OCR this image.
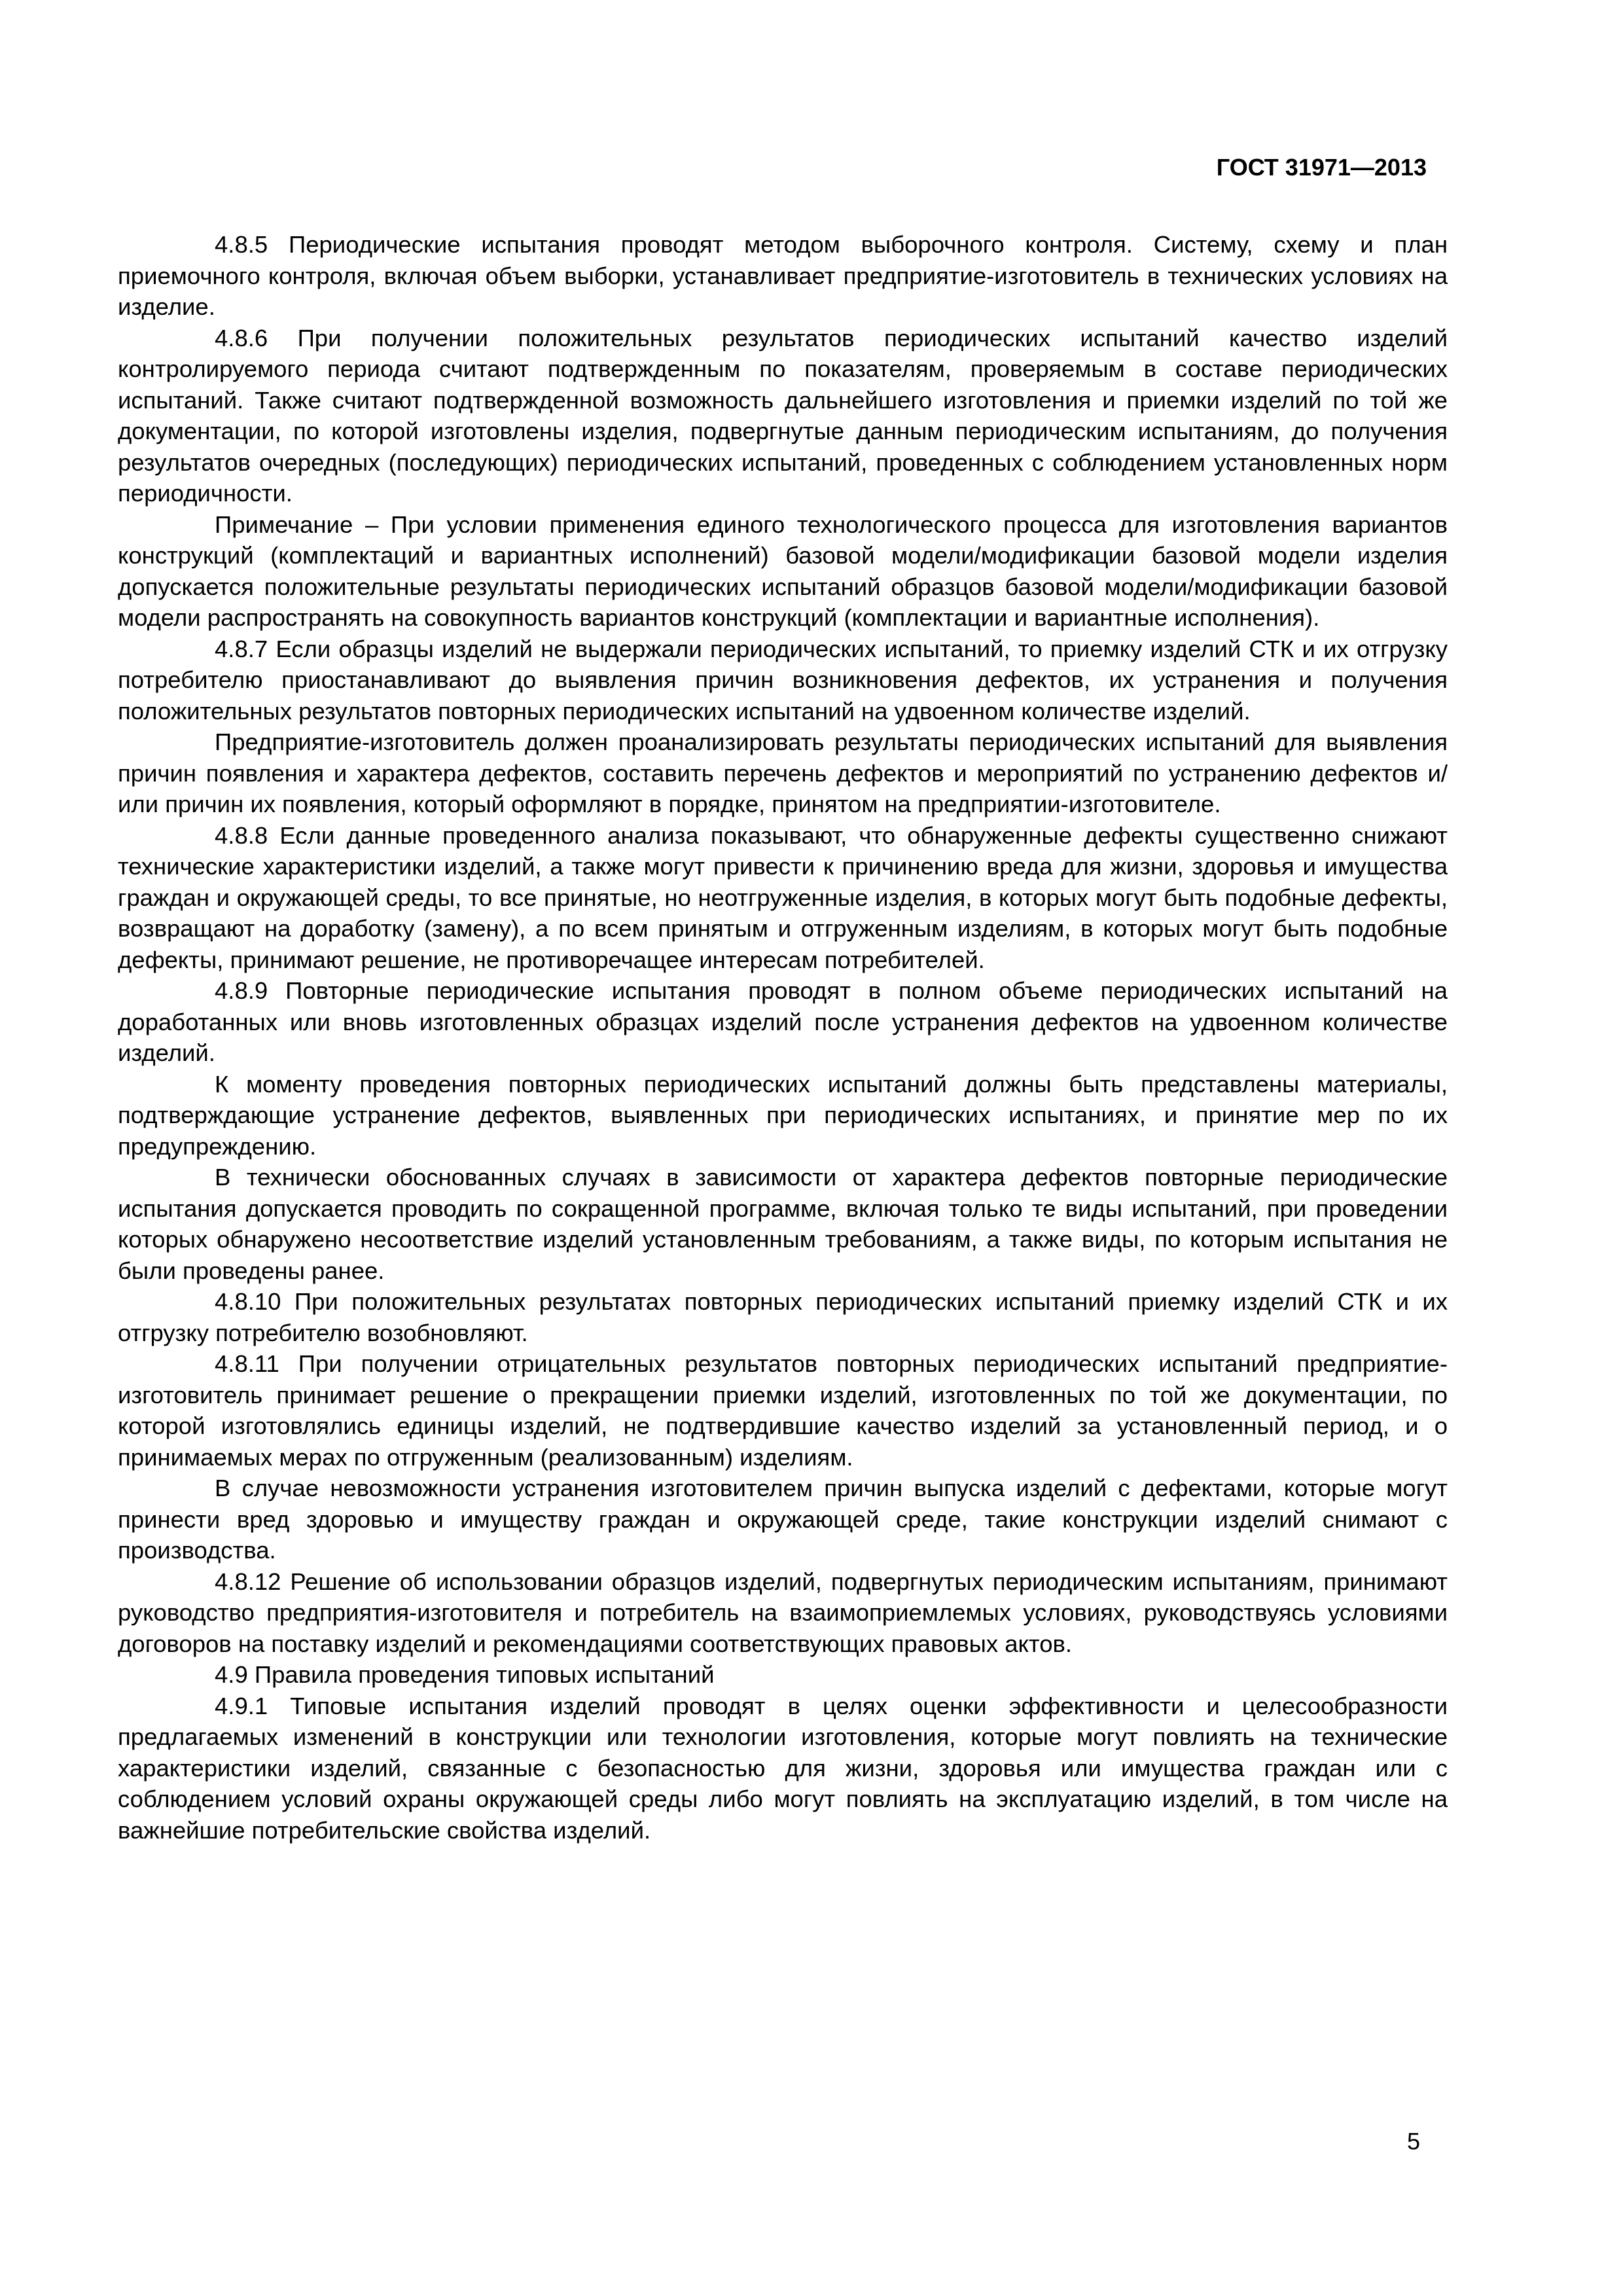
ГОСТ 31971—2013

4.8.5 Периодические испытания проводят методом выборочного контроля. Систему, схему и план приемочного контроля, включая объем выборки, устанавливает предприятие-изготовитель в технических условиях на изделие.

4.8.6 При получении положительных результатов периодических испытаний качество изделий контролируемого периода считают подтвержденным по показателям, проверяемым в составе периодических испытаний. Также считают подтвержденной возможность дальнейшего изготовления и приемки изделий по той же документации, по которой изготовлены изделия, подвергнутые данным периодическим испытаниям, до получения результатов очередных (последующих) периодических испытаний, проведенных с соблюдением установленных норм периодичности.

Примечание – При условии применения единого технологического процесса для изготовления вариантов конструкций (комплектаций и вариантных исполнений) базовой модели/модификации базовой модели изделия допускается положительные результаты периодических испытаний образцов базовой модели/модификации базовой модели распространять на совокупность вариантов конструкций (комплектации и вариантные исполнения).

4.8.7 Если образцы изделий не выдержали периодических испытаний, то приемку изделий СТК и их отгрузку потребителю приостанавливают до выявления причин возникновения дефектов, их устранения и получения положительных результатов повторных периодических испытаний на удвоенном количестве изделий.

Предприятие-изготовитель должен проанализировать результаты периодических испытаний для выявления причин появления и характера дефектов, составить перечень дефектов и мероприятий по устранению дефектов и/или причин их появления, который оформляют в порядке, принятом на предприятии-изготовителе.

4.8.8 Если данные проведенного анализа показывают, что обнаруженные дефекты существенно снижают технические характеристики изделий, а также могут привести к причинению вреда для жизни, здоровья и имущества граждан и окружающей среды, то все принятые, но неотгруженные изделия, в которых могут быть подобные дефекты, возвращают на доработку (замену), а по всем принятым и отгруженным изделиям, в которых могут быть подобные дефекты, принимают решение, не противоречащее интересам потребителей.

4.8.9 Повторные периодические испытания проводят в полном объеме периодических испытаний на доработанных или вновь изготовленных образцах изделий после устранения дефектов на удвоенном количестве изделий.

К моменту проведения повторных периодических испытаний должны быть представлены материалы, подтверждающие устранение дефектов, выявленных при периодических испытаниях, и принятие мер по их предупреждению.

В технически обоснованных случаях в зависимости от характера дефектов повторные периодические испытания допускается проводить по сокращенной программе, включая только те виды испытаний, при проведении которых обнаружено несоответствие изделий установленным требованиям, а также виды, по которым испытания не были проведены ранее.

4.8.10 При положительных результатах повторных периодических испытаний приемку изделий СТК и их отгрузку потребителю возобновляют.

4.8.11 При получении отрицательных результатов повторных периодических испытаний предприятие-изготовитель принимает решение о прекращении приемки изделий, изготовленных по той же документации, по которой изготовлялись единицы изделий, не подтвердившие качество изделий за установленный период, и о принимаемых мерах по отгруженным (реализованным) изделиям.

В случае невозможности устранения изготовителем причин выпуска изделий с дефектами, которые могут принести вред здоровью и имуществу граждан и окружающей среде, такие конструкции изделий снимают с производства.

4.8.12 Решение об использовании образцов изделий, подвергнутых периодическим испытаниям, принимают руководство предприятия-изготовителя и потребитель на взаимоприемлемых условиях, руководствуясь условиями договоров на поставку изделий и рекомендациями соответствующих правовых актов.

4.9 Правила проведения типовых испытаний

4.9.1 Типовые испытания изделий проводят в целях оценки эффективности и целесообразности предлагаемых изменений в конструкции или технологии изготовления, которые могут повлиять на технические характеристики изделий, связанные с безопасностью для жизни, здоровья или имущества граждан или с соблюдением условий охраны окружающей среды либо могут повлиять на эксплуатацию изделий, в том числе на важнейшие потребительские свойства изделий.

5
